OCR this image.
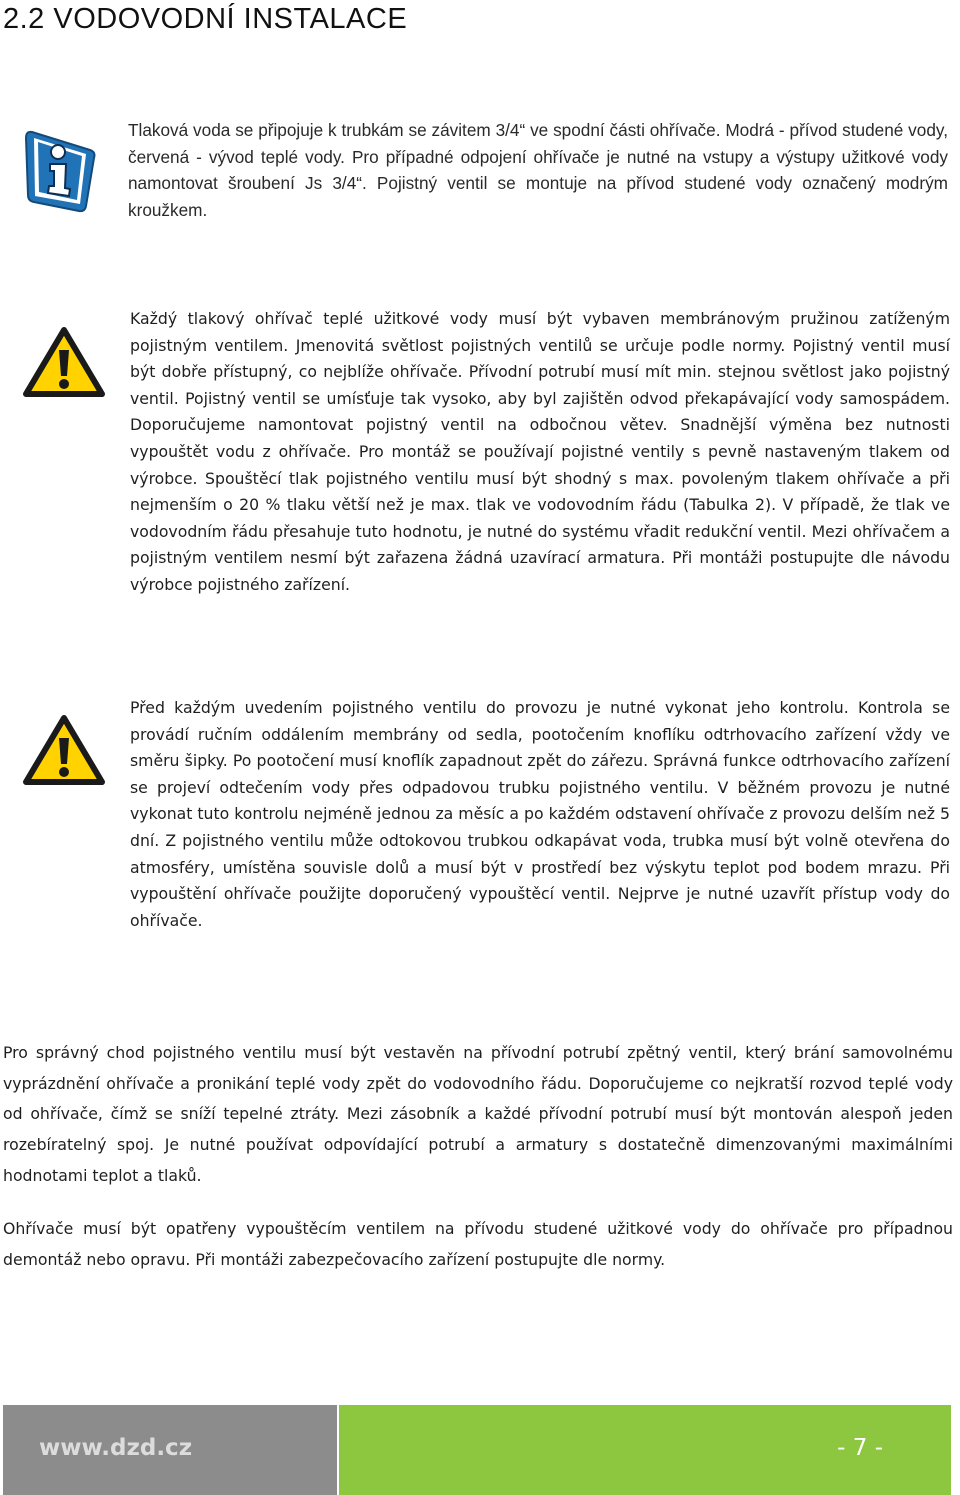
2.2 VODOVODNÍ INSTALACE

Tlaková voda se připojuje k trubkám se závitem 3/4“ ve spodní části ohřívače. Modrá - přívod studené vody, červená - vývod teplé vody. Pro případné odpojení ohřívače je nutné na vstupy a výstupy užitkové vody namontovat šroubení Js 3/4“. Pojistný ventil se montuje na přívod studené vody označený modrým kroužkem.

Každý tlakový ohřívač teplé užitkové vody musí být vybaven membránovým pružinou zatíženým pojistným ventilem. Jmenovitá světlost pojistných ventilů se určuje podle normy. Pojistný ventil musí být dobře přístupný, co nejblíže ohřívače. Přívodní potrubí musí mít min. stejnou světlost jako pojistný ventil. Pojistný ventil se umísťuje tak vysoko, aby byl zajištěn odvod překapávající vody samospádem. Doporučujeme namontovat pojistný ventil na odbočnou větev. Snadnější výměna bez nutnosti vypouštět vodu z ohřívače. Pro montáž se používají pojistné ventily s pevně nastaveným tlakem od výrobce. Spouštěcí tlak pojistného ventilu musí být shodný s max. povoleným tlakem ohřívače a při nejmenším o 20 % tlaku větší než je max. tlak ve vodovodním řádu (Tabulka 2). V případě, že tlak ve vodovodním řádu přesahuje tuto hodnotu, je nutné do systému vřadit redukční ventil. Mezi ohřívačem a pojistným ventilem nesmí být zařazena žádná uzavírací armatura. Při montáži postupujte dle návodu výrobce pojistného zařízení.

Před každým uvedením pojistného ventilu do provozu je nutné vykonat jeho kontrolu. Kontrola se provádí ručním oddálením membrány od sedla, pootočením knoflíku odtrhovacího zařízení vždy ve směru šipky. Po pootočení musí knoflík zapadnout zpět do zářezu. Správná funkce odtrhovacího zařízení se projeví odtečením vody přes odpadovou trubku pojistného ventilu. V běžném provozu je nutné vykonat tuto kontrolu nejméně jednou za měsíc a po každém odstavení ohřívače z provozu delším než 5 dní. Z pojistného ventilu může odtokovou trubkou odkapávat voda, trubka musí být volně otevřena do atmosféry, umístěna souvisle dolů a musí být v prostředí bez výskytu teplot pod bodem mrazu. Při vypouštění ohřívače použijte doporučený vypouštěcí ventil. Nejprve je nutné uzavřít přístup vody do ohřívače.

Pro správný chod pojistného ventilu musí být vestavěn na přívodní potrubí zpětný ventil, který brání samovolnému vyprázdnění ohřívače a pronikání teplé vody zpět do vodovodního řádu. Doporučujeme co nejkratší rozvod teplé vody od ohřívače, čímž se sníží tepelné ztráty. Mezi zásobník a každé přívodní potrubí musí být montován alespoň jeden rozebíratelný spoj. Je nutné používat odpovídající potrubí a armatury s dostatečně dimenzovanými maximálními hodnotami teplot a tlaků.

Ohřívače musí být opatřeny vypouštěcím ventilem na přívodu studené užitkové vody do ohřívače pro případnou demontáž nebo opravu. Při montáži zabezpečovacího zařízení postupujte dle normy.

www.dzd.cz	- 7 -
